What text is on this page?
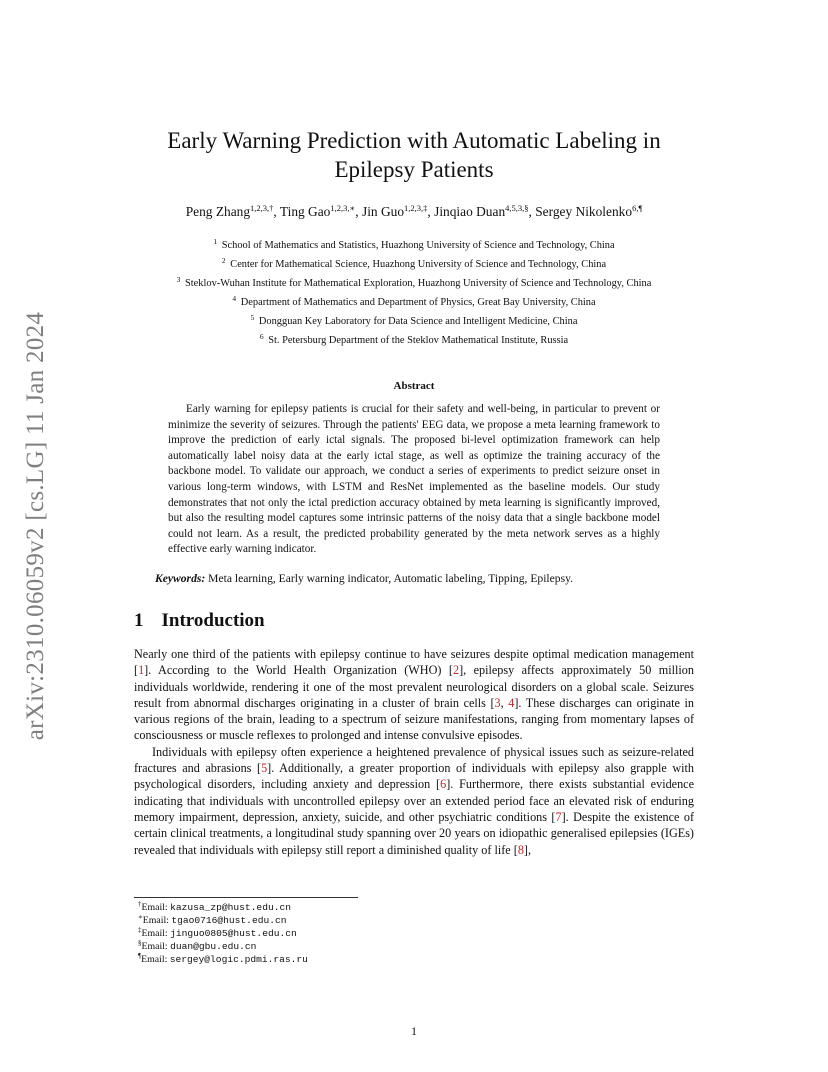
arXiv:2310.06059v2 [cs.LG] 11 Jan 2024
Early Warning Prediction with Automatic Labeling in
Epilepsy Patients
Peng Zhang$^{1,2,3,\dagger}$, Ting Gao$^{1,2,3,∗}$, Jin Guo$^{1,2,3,\ddagger}$, Jinqiao Duan$^{4,5,3,\S}$, Sergey Nikolenko$^{6,\P}$
$^1$ School of Mathematics and Statistics, Huazhong University of Science and Technology, China
$^2$ Center for Mathematical Science, Huazhong University of Science and Technology, China
$^3$ Steklov-Wuhan Institute for Mathematical Exploration, Huazhong University of Science and Technology, China
$^4$ Department of Mathematics and Department of Physics, Great Bay University, China
$^5$ Dongguan Key Laboratory for Data Science and Intelligent Medicine, China
$^6$ St. Petersburg Department of the Steklov Mathematical Institute, Russia
Abstract

Early warning for epilepsy patients is crucial for their safety and well-being, in particular to prevent or minimize the severity of seizures. Through the patients' EEG data, we propose a meta learning framework to improve the prediction of early ictal signals. The proposed bi-level optimization framework can help automatically label noisy data at the early ictal stage, as well as optimize the training accuracy of the backbone model. To validate our approach, we conduct a series of experiments to predict seizure onset in various long-term windows, with LSTM and ResNet implemented as the baseline models. Our study demonstrates that not only the ictal prediction accuracy obtained by meta learning is significantly improved, but also the resulting model captures some intrinsic patterns of the noisy data that a single backbone model could not learn. As a result, the predicted probability generated by the meta network serves as a highly effective early warning indicator.

Keywords: Meta learning, Early warning indicator, Automatic labeling, Tipping, Epilepsy.
1 Introduction

Nearly one third of the patients with epilepsy continue to have seizures despite optimal medication management [1]. According to the World Health Organization (WHO) [2], epilepsy affects approximately 50 million individuals worldwide, rendering it one of the most prevalent neurological disorders on a global scale. Seizures result from abnormal discharges originating in a cluster of brain cells [3, 4]. These discharges can originate in various regions of the brain, leading to a spectrum of seizure manifestations, ranging from momentary lapses of consciousness or muscle reflexes to prolonged and intense convulsive episodes.

Individuals with epilepsy often experience a heightened prevalence of physical issues such as seizure-related fractures and abrasions [5]. Additionally, a greater proportion of individuals with epilepsy also grapple with psychological disorders, including anxiety and depression [6]. Furthermore, there exists substantial evidence indicating that individuals with uncontrolled epilepsy over an extended period face an elevated risk of enduring memory impairment, depression, anxiety, suicide, and other psychiatric conditions [7]. Despite the existence of certain clinical treatments, a longitudinal study spanning over 20 years on idiopathic generalised epilepsies (IGEs) revealed that individuals with epilepsy still report a diminished quality of life [8],

†Email: kazusa_zp@hust.edu.cn
∗Email: tgao0716@hust.edu.cn
‡Email: jinguo0805@hust.edu.cn
§Email: duan@gbu.edu.cn
¶Email: sergey@logic.pdmi.ras.ru
1
